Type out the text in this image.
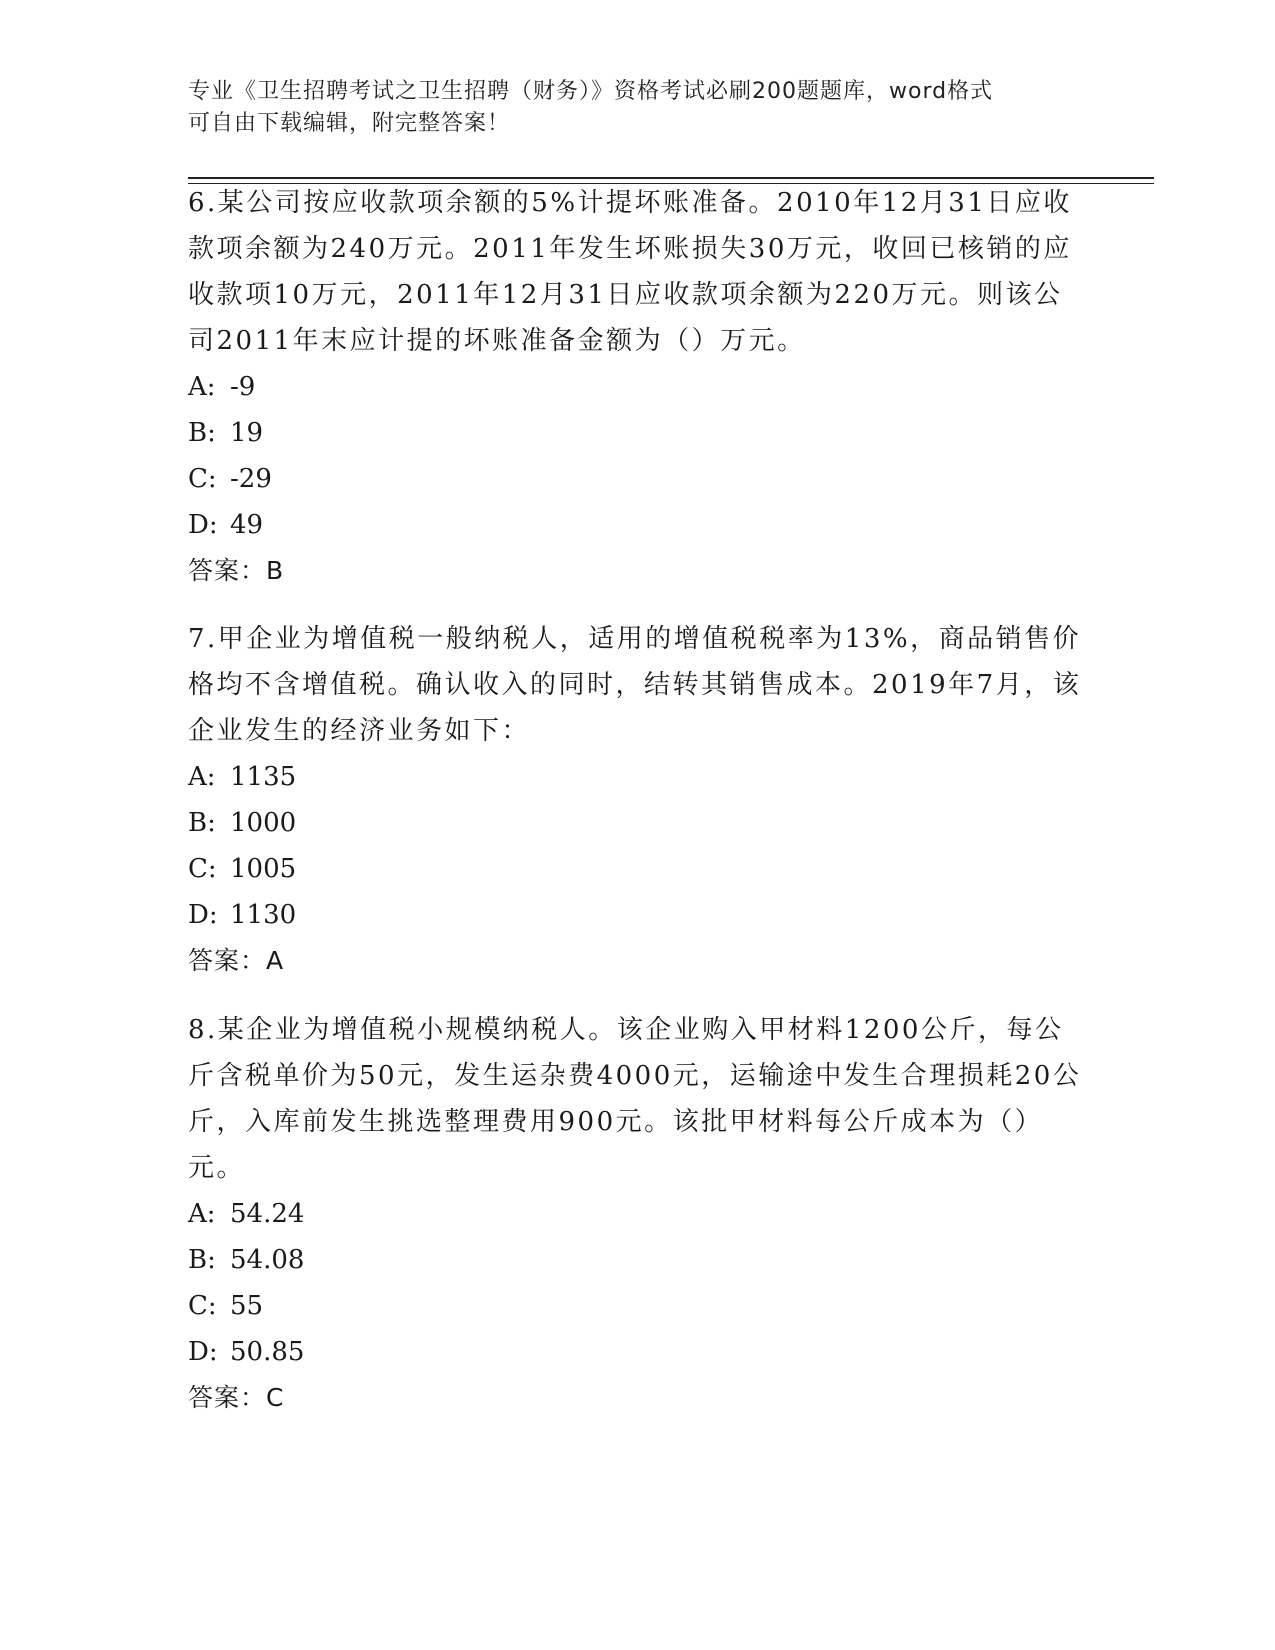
专业《卫生招聘考试之卫生招聘（财务）》资格考试必刷200题题库，word格式
可自由下载编辑，附完整答案！

6.某公司按应收款项余额的5%计提坏账准备。2010年12月31日应收款项余额为240万元。2011年发生坏账损失30万元，收回已核销的应收款项10万元，2011年12月31日应收款项余额为220万元。则该公司2011年末应计提的坏账准备金额为（）万元。

A: -9
B: 19
C: -29
D: 49

答案：B

7.甲企业为增值税一般纳税人，适用的增值税税率为13%，商品销售价格均不含增值税。确认收入的同时，结转其销售成本。2019年7月，该企业发生的经济业务如下：

A: 1135
B: 1000
C: 1005
D: 1130

答案：A

8.某企业为增值税小规模纳税人。该企业购入甲材料1200公斤，每公斤含税单价为50元，发生运杂费4000元，运输途中发生合理损耗20公斤，入库前发生挑选整理费用900元。该批甲材料每公斤成本为（）元。

A: 54.24
B: 54.08
C: 55
D: 50.85

答案：C
